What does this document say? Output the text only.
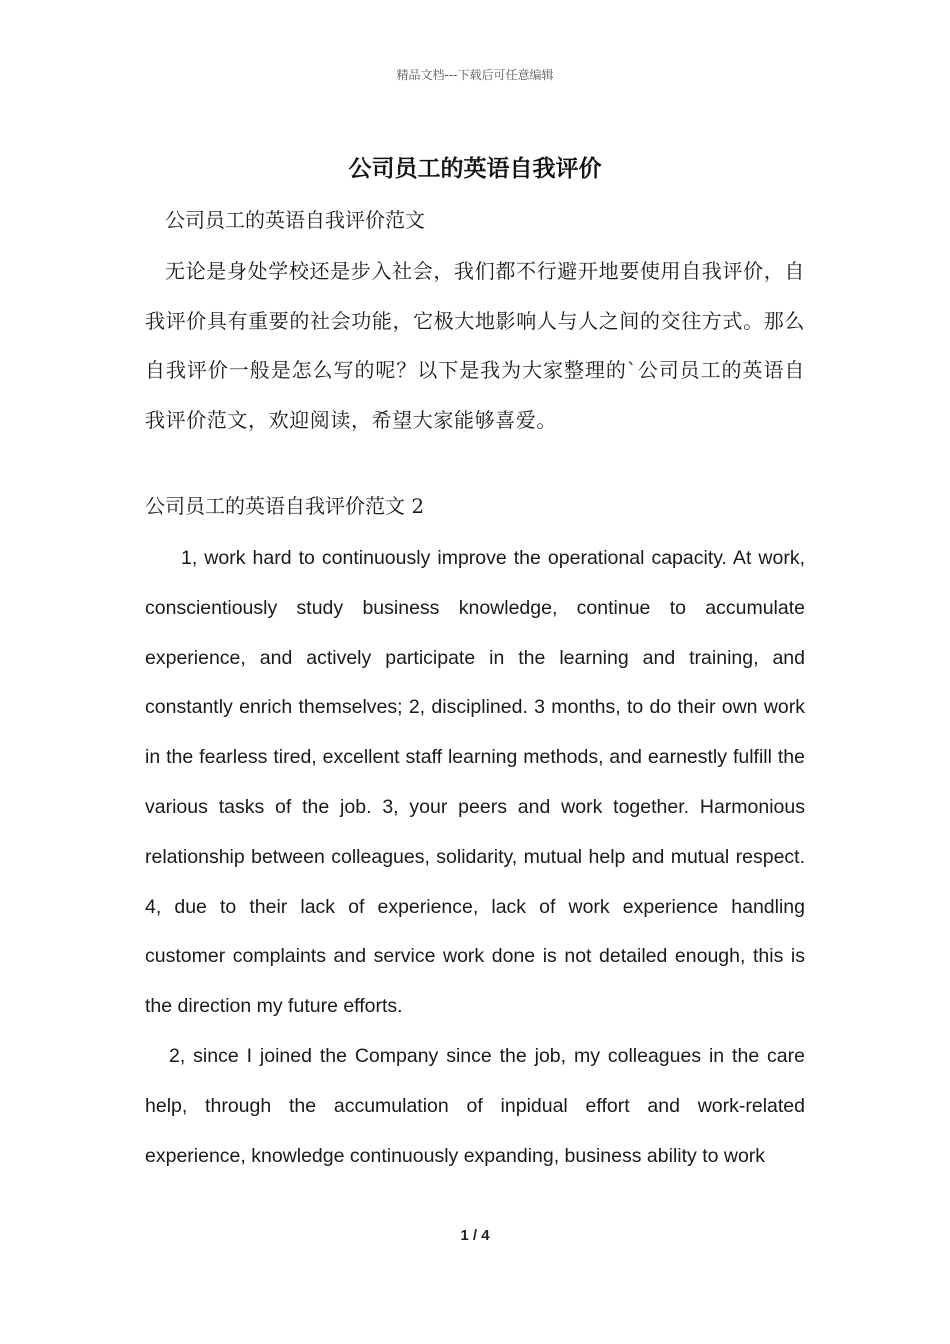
精品文档---下载后可任意编辑
公司员工的英语自我评价
公司员工的英语自我评价范文
无论是身处学校还是步入社会，我们都不行避开地要使用自我评价，自我评价具有重要的社会功能，它极大地影响人与人之间的交往方式。那么自我评价一般是怎么写的呢？以下是我为大家整理的`公司员工的英语自我评价范文，欢迎阅读，希望大家能够喜爱。
公司员工的英语自我评价范文 2
1, work hard to continuously improve the operational capacity. At work, conscientiously study business knowledge, continue to accumulate experience, and actively participate in the learning and training, and constantly enrich themselves; 2, disciplined. 3 months, to do their own work in the fearless tired, excellent staff learning methods, and earnestly fulfill the various tasks of the job. 3, your peers and work together. Harmonious relationship between colleagues, solidarity, mutual help and mutual respect. 4, due to their lack of experience, lack of work experience handling customer complaints and service work done is not detailed enough, this is the direction my future efforts.
2, since I joined the Company since the job, my colleagues in the care help, through the accumulation of inpidual effort and work-related experience, knowledge continuously expanding, business ability to work
1 / 4
